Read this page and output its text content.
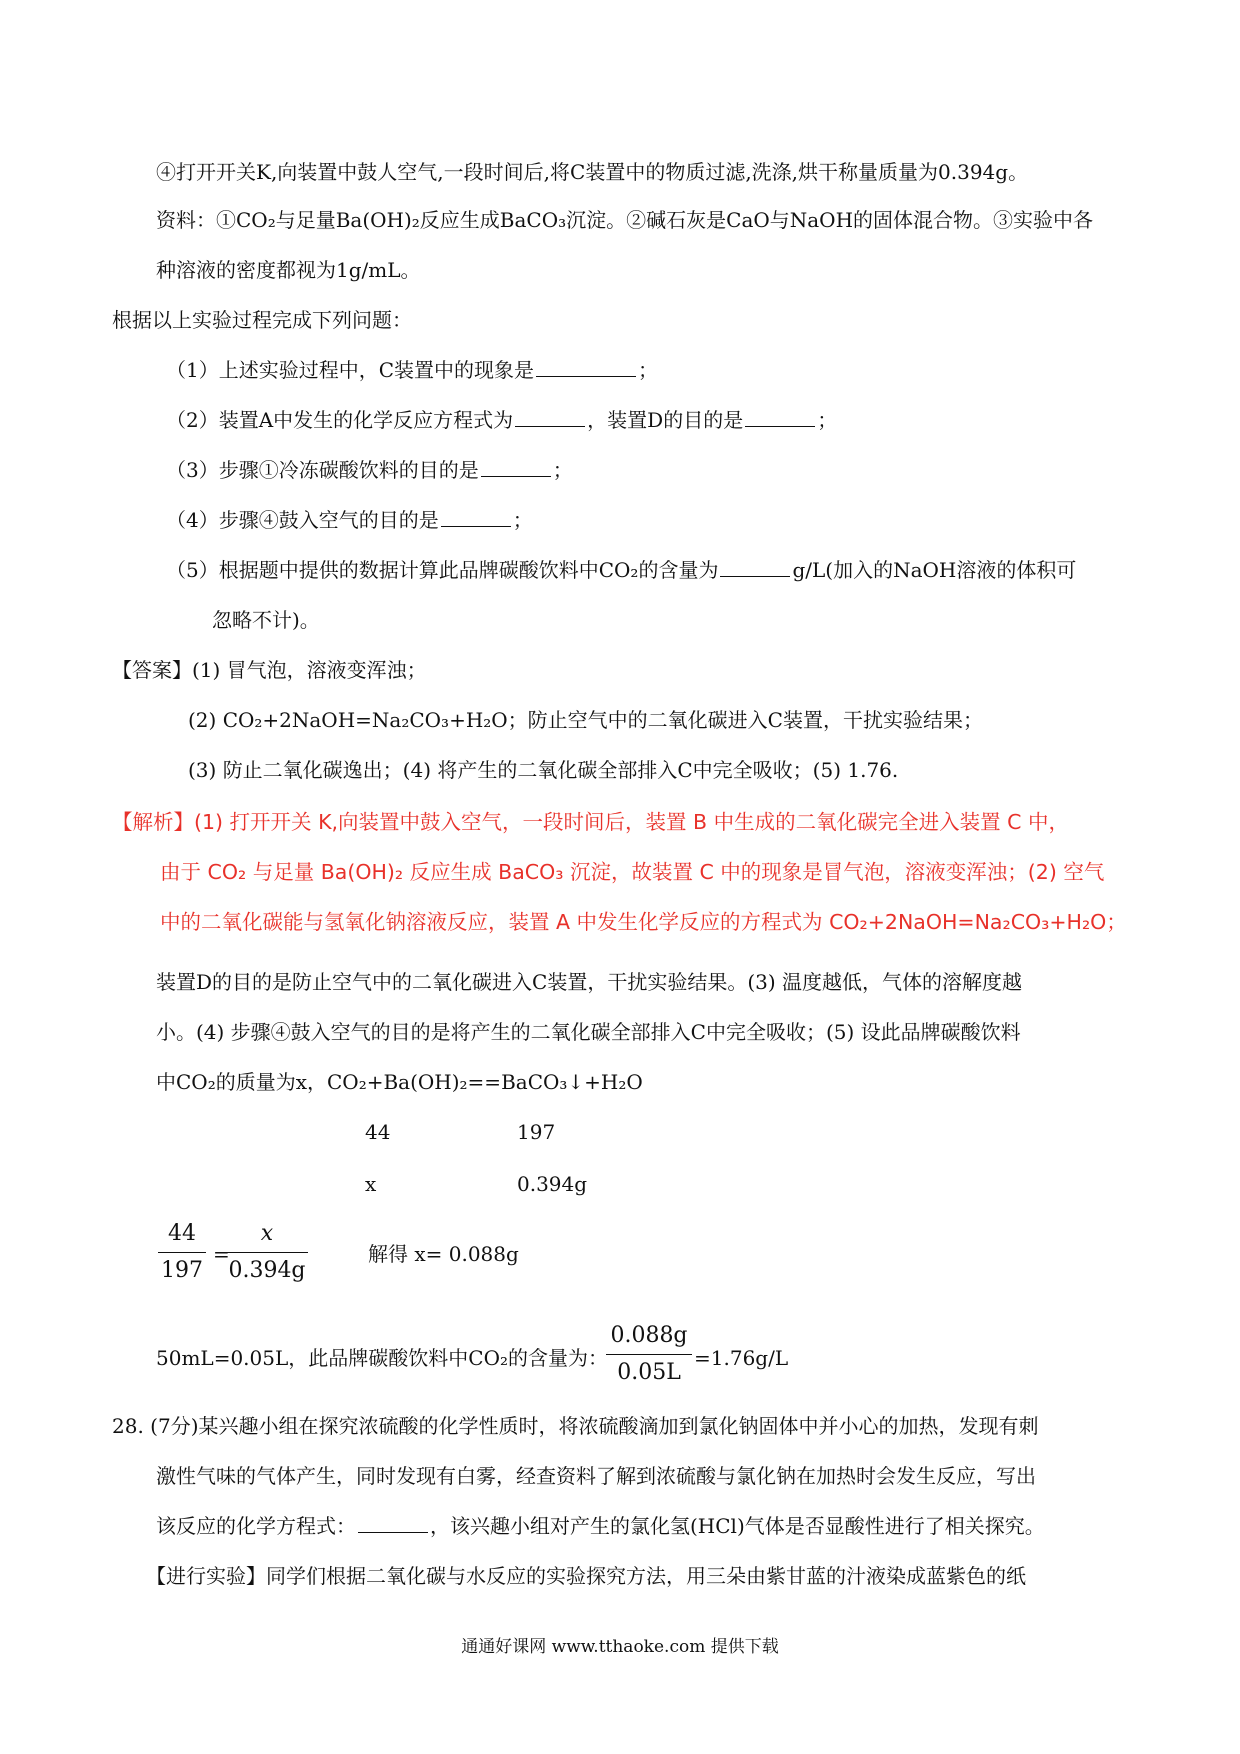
④打开开关K,向装置中鼓人空气,一段时间后,将C装置中的物质过滤,洗涤,烘干称量质量为0.394g。
资料：①CO₂与足量Ba(OH)₂反应生成BaCO₃沉淀。②碱石灰是CaO与NaOH的固体混合物。③实验中各
种溶液的密度都视为1g/mL。
根据以上实验过程完成下列问题：
（1）上述实验过程中，C装置中的现象是	；
（2）装置A中发生的化学反应方程式为	，装置D的目的是	；
（3）步骤①冷冻碳酸饮料的目的是	；
（4）步骤④鼓入空气的目的是	；
（5）根据题中提供的数据计算此品牌碳酸饮料中CO₂的含量为	g/L(加入的NaOH溶液的体积可
忽略不计)。
【答案】(1) 冒气泡，溶液变浑浊；
(2) CO₂+2NaOH=Na₂CO₃+H₂O；防止空气中的二氧化碳进入C装置，干扰实验结果；
(3) 防止二氧化碳逸出；(4) 将产生的二氧化碳全部排入C中完全吸收；(5) 1.76.
【解析】(1) 打开开关 K,向装置中鼓入空气，一段时间后，装置 B 中生成的二氧化碳完全进入装置 C 中，
由于 CO₂ 与足量 Ba(OH)₂ 反应生成 BaCO₃ 沉淀，故装置 C 中的现象是冒气泡，溶液变浑浊；(2) 空气
中的二氧化碳能与氢氧化钠溶液反应，装置 A 中发生化学反应的方程式为 CO₂+2NaOH=Na₂CO₃+H₂O；
装置D的目的是防止空气中的二氧化碳进入C装置，干扰实验结果。(3) 温度越低，气体的溶解度越
小。(4) 步骤④鼓入空气的目的是将产生的二氧化碳全部排入C中完全吸收；(5) 设此品牌碳酸饮料
中CO₂的质量为x，CO₂+Ba(OH)₂==BaCO₃↓+H₂O
44	197
x	0.394g
44
197
=
x
0.394g
解得 x= 0.088g
50mL=0.05L，此品牌碳酸饮料中CO₂的含量为：
0.088g
0.05L
=1.76g/L
28. (7分)某兴趣小组在探究浓硫酸的化学性质时，将浓硫酸滴加到氯化钠固体中并小心的加热，发现有刺
激性气味的气体产生，同时发现有白雾，经查资料了解到浓硫酸与氯化钠在加热时会发生反应，写出
该反应的化学方程式：	，该兴趣小组对产生的氯化氢(HCl)气体是否显酸性进行了相关探究。
【进行实验】同学们根据二氧化碳与水反应的实验探究方法，用三朵由紫甘蓝的汁液染成蓝紫色的纸
通通好课网 www.tthaoke.com 提供下载
